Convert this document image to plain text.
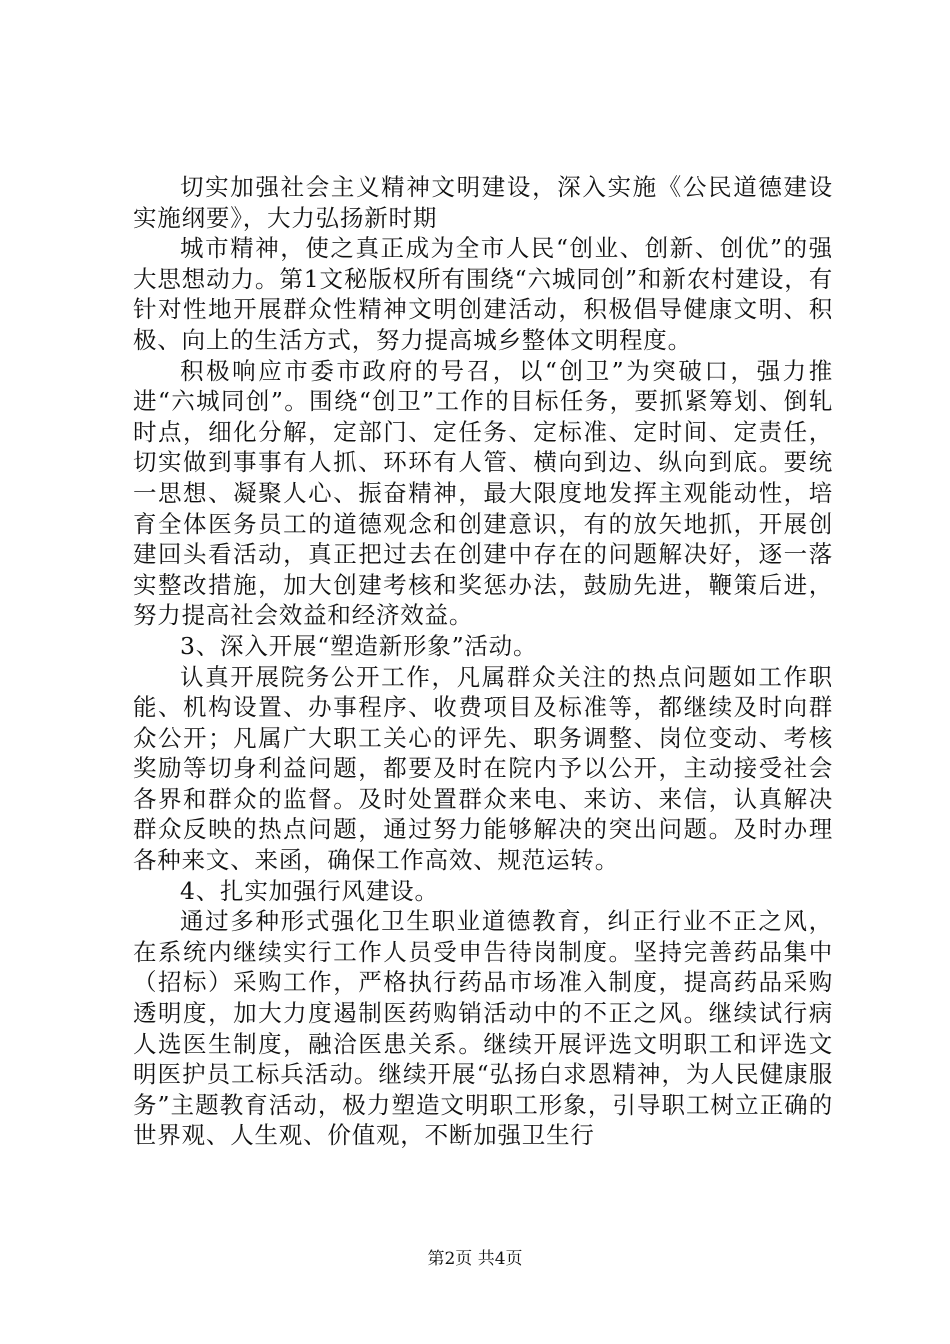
切实加强社会主义精神文明建设，深入实施《公民道德建设实施纲要》，大力弘扬新时期

城市精神，使之真正成为全市人民“创业、创新、创优”的强大思想动力。第1文秘版权所有围绕“六城同创”和新农村建设，有针对性地开展群众性精神文明创建活动，积极倡导健康文明、积极、向上的生活方式，努力提高城乡整体文明程度。

积极响应市委市政府的号召，以“创卫”为突破口，强力推进“六城同创”。围绕“创卫”工作的目标任务，要抓紧筹划、倒轧时点，细化分解，定部门、定任务、定标准、定时间、定责任，切实做到事事有人抓、环环有人管、横向到边、纵向到底。要统一思想、凝聚人心、振奋精神，最大限度地发挥主观能动性，培育全体医务员工的道德观念和创建意识，有的放矢地抓，开展创建回头看活动，真正把过去在创建中存在的问题解决好，逐一落实整改措施，加大创建考核和奖惩办法，鼓励先进，鞭策后进，努力提高社会效益和经济效益。

3、深入开展“塑造新形象”活动。

认真开展院务公开工作，凡属群众关注的热点问题如工作职能、机构设置、办事程序、收费项目及标准等，都继续及时向群众公开；凡属广大职工关心的评先、职务调整、岗位变动、考核奖励等切身利益问题，都要及时在院内予以公开，主动接受社会各界和群众的监督。及时处置群众来电、来访、来信，认真解决群众反映的热点问题，通过努力能够解决的突出问题。及时办理各种来文、来函，确保工作高效、规范运转。

4、扎实加强行风建设。

通过多种形式强化卫生职业道德教育，纠正行业不正之风，在系统内继续实行工作人员受申告待岗制度。坚持完善药品集中（招标）采购工作，严格执行药品市场准入制度，提高药品采购透明度，加大力度遏制医药购销活动中的不正之风。继续试行病人选医生制度，融洽医患关系。继续开展评选文明职工和评选文明医护员工标兵活动。继续开展“弘扬白求恩精神，为人民健康服务”主题教育活动，极力塑造文明职工形象，引导职工树立正确的世界观、人生观、价值观，不断加强卫生行

第2页 共4页
